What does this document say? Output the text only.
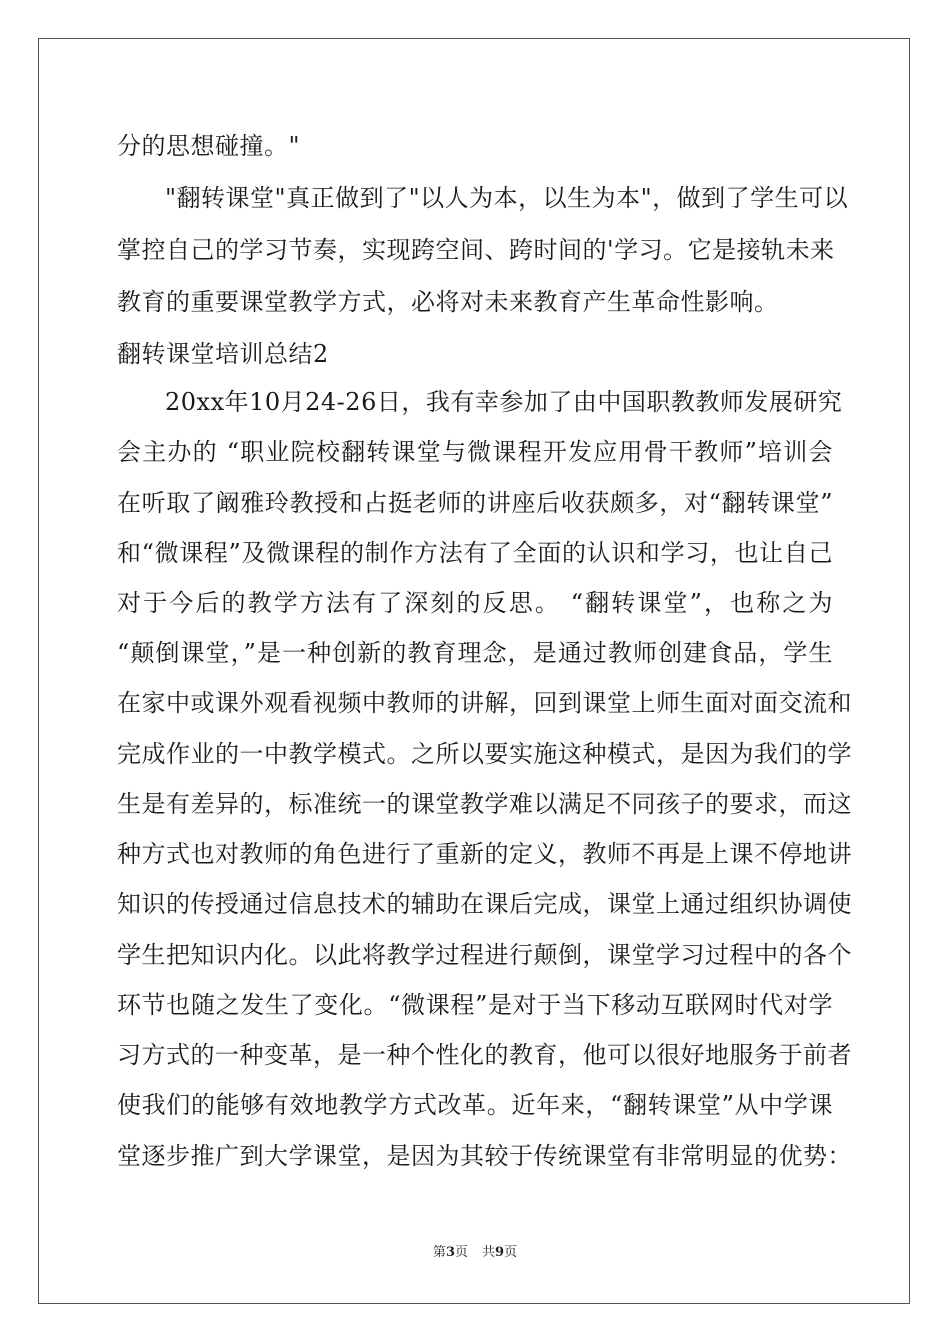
分的思想碰撞。"
"翻转课堂"真正做到了"以人为本，以生为本"，做到了学生可以
掌控自己的学习节奏，实现跨空间、跨时间的'学习。它是接轨未来
教育的重要课堂教学方式，必将对未来教育产生革命性影响。
翻转课堂培训总结2
20xx年10月24-26日，我有幸参加了由中国职教教师发展研究
会主办的 “职业院校翻转课堂与微课程开发应用骨干教师”培训会
在听取了阚雅玲教授和占挺老师的讲座后收获颇多，对“翻转课堂”
和“微课程”及微课程的制作方法有了全面的认识和学习，也让自己
对于今后的教学方法有了深刻的反思。 “翻转课堂”，也称之为
“颠倒课堂，”是一种创新的教育理念，是通过教师创建食品，学生
在家中或课外观看视频中教师的讲解，回到课堂上师生面对面交流和
完成作业的一中教学模式。之所以要实施这种模式，是因为我们的学
生是有差异的，标准统一的课堂教学难以满足不同孩子的要求，而这
种方式也对教师的角色进行了重新的定义，教师不再是上课不停地讲
知识的传授通过信息技术的辅助在课后完成，课堂上通过组织协调使
学生把知识内化。以此将教学过程进行颠倒，课堂学习过程中的各个
环节也随之发生了变化。“微课程”是对于当下移动互联网时代对学
习方式的一种变革，是一种个性化的教育，他可以很好地服务于前者
使我们的能够有效地教学方式改革。近年来，“翻转课堂”从中学课
堂逐步推广到大学课堂，是因为其较于传统课堂有非常明显的优势：
第3页 共9页
